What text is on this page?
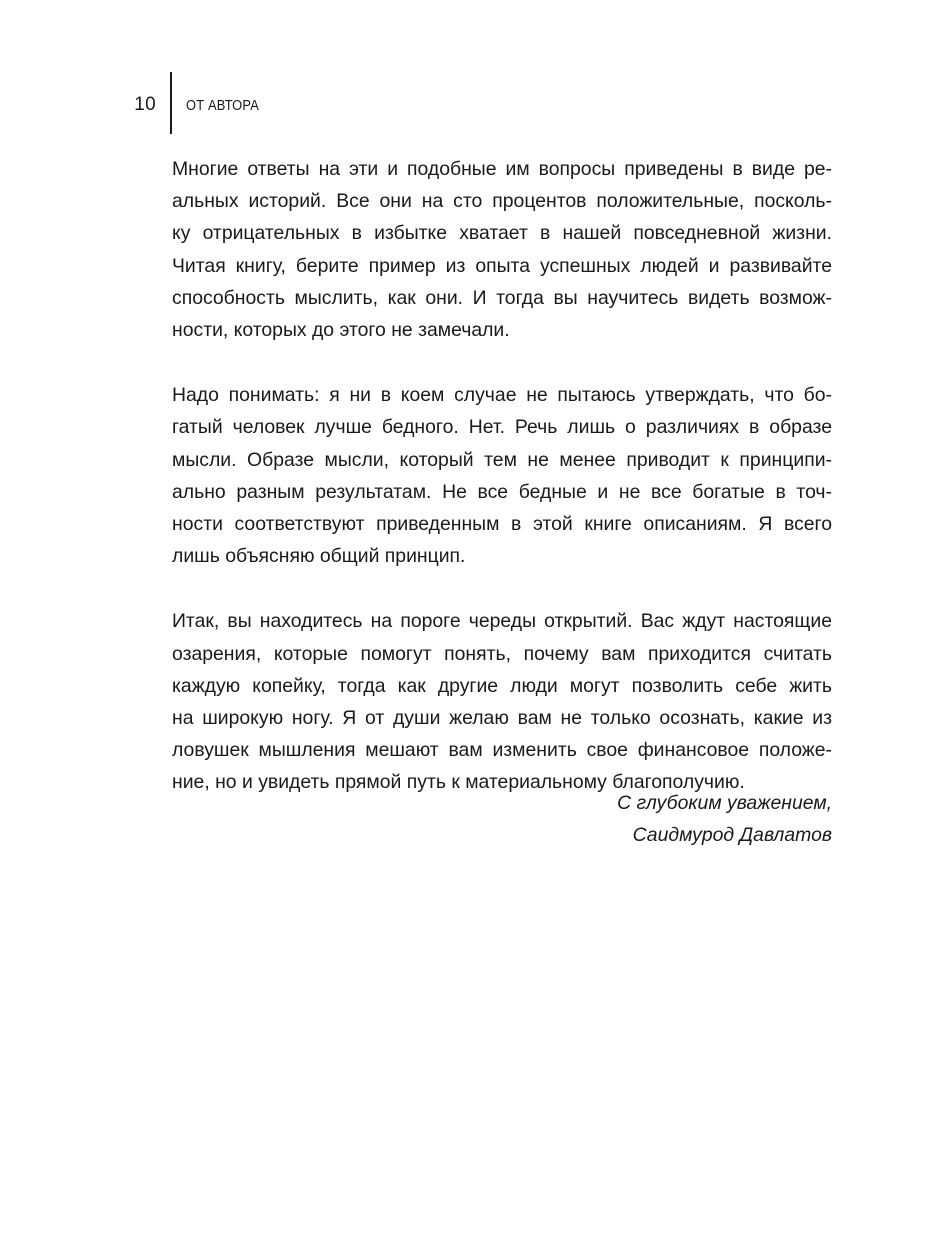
10 ОТ АВТОРА

Многие ответы на эти и подобные им вопросы приведены в виде ре-
альных историй. Все они на сто процентов положительные, посколь-
ку отрицательных в избытке хватает в нашей повседневной жизни.
Читая книгу, берите пример из опыта успешных людей и развивайте
способность мыслить, как они. И тогда вы научитесь видеть возмож-
ности, которых до этого не замечали.

Надо понимать: я ни в коем случае не пытаюсь утверждать, что бо-
гатый человек лучше бедного. Нет. Речь лишь о различиях в образе
мысли. Образе мысли, который тем не менее приводит к принципи-
ально разным результатам. Не все бедные и не все богатые в точ-
ности соответствуют приведенным в этой книге описаниям. Я всего
лишь объясняю общий принцип.

Итак, вы находитесь на пороге череды открытий. Вас ждут настоящие
озарения, которые помогут понять, почему вам приходится считать
каждую копейку, тогда как другие люди могут позволить себе жить
на широкую ногу. Я от души желаю вам не только осознать, какие из
ловушек мышления мешают вам изменить свое финансовое положе-
ние, но и увидеть прямой путь к материальному благополучию.

С глубоким уважением,
Саидмурод Давлатов
